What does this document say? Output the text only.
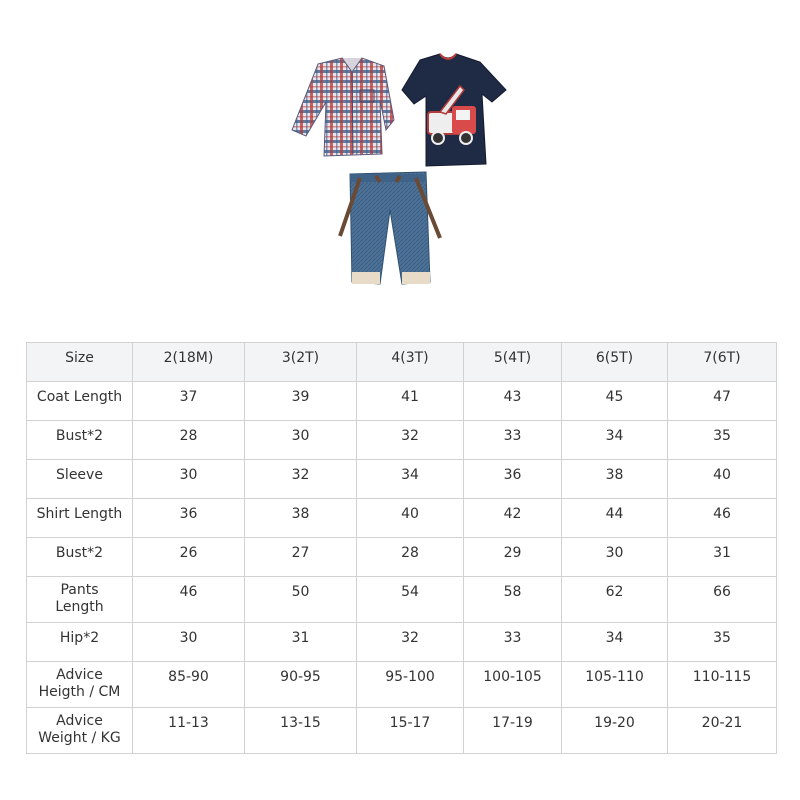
Size	2(18M)	3(2T)	4(3T)	5(4T)	6(5T)	7(6T)
Coat Length	37	39	41	43	45	47
Bust*2	28	30	32	33	34	35
Sleeve	30	32	34	36	38	40
Shirt Length	36	38	40	42	44	46
Bust*2	26	27	28	29	30	31
Pants
Length	46	50	54	58	62	66
Hip*2	30	31	32	33	34	35
Advice
Heigth / CM	85-90	90-95	95-100	100-105	105-110	110-115
Advice
Weight / KG	11-13	13-15	15-17	17-19	19-20	20-21
